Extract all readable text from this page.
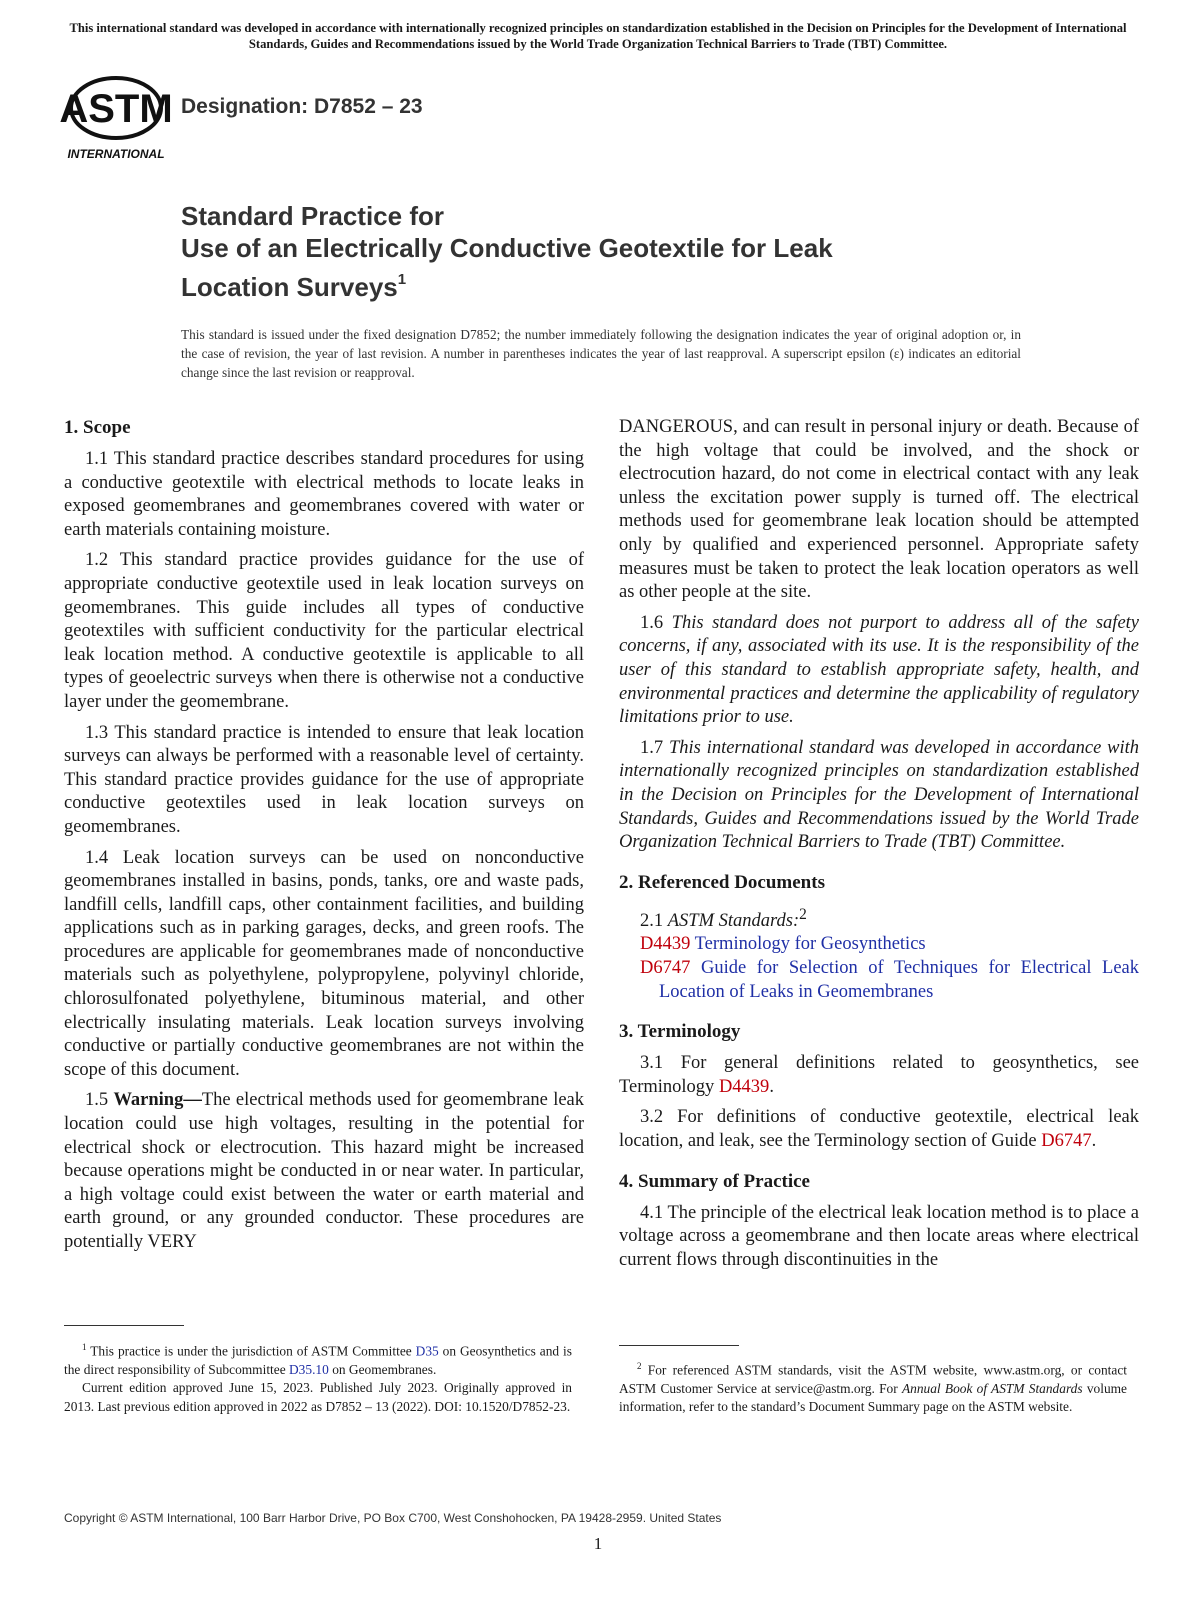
This international standard was developed in accordance with internationally recognized principles on standardization established in the Decision on Principles for the Development of International Standards, Guides and Recommendations issued by the World Trade Organization Technical Barriers to Trade (TBT) Committee.
ASTM
INTERNATIONAL
Designation: D7852 – 23
Standard Practice for
Use of an Electrically Conductive Geotextile for Leak
Location Surveys$^1$
This standard is issued under the fixed designation D7852; the number immediately following the designation indicates the year of original adoption or, in the case of revision, the year of last revision. A number in parentheses indicates the year of last reapproval. A superscript epsilon (ε) indicates an editorial change since the last revision or reapproval.
1. Scope

1.1 This standard practice describes standard procedures for using a conductive geotextile with electrical methods to locate leaks in exposed geomembranes and geomembranes covered with water or earth materials containing moisture.

1.2 This standard practice provides guidance for the use of appropriate conductive geotextile used in leak location surveys on geomembranes. This guide includes all types of conductive geotextiles with sufficient conductivity for the particular electrical leak location method. A conductive geotextile is applicable to all types of geoelectric surveys when there is otherwise not a conductive layer under the geomembrane.

1.3 This standard practice is intended to ensure that leak location surveys can always be performed with a reasonable level of certainty. This standard practice provides guidance for the use of appropriate conductive geotextiles used in leak location surveys on geomembranes.

1.4 Leak location surveys can be used on nonconductive geomembranes installed in basins, ponds, tanks, ore and waste pads, landfill cells, landfill caps, other containment facilities, and building applications such as in parking garages, decks, and green roofs. The procedures are applicable for geomembranes made of nonconductive materials such as polyethylene, polypropylene, polyvinyl chloride, chlorosulfonated polyethylene, bituminous material, and other electrically insulating materials. Leak location surveys involving conductive or partially conductive geomembranes are not within the scope of this document.

1.5 Warning—The electrical methods used for geomembrane leak location could use high voltages, resulting in the potential for electrical shock or electrocution. This hazard might be increased because operations might be conducted in or near water. In particular, a high voltage could exist between the water or earth material and earth ground, or any grounded conductor. These procedures are potentially VERY

DANGEROUS, and can result in personal injury or death. Because of the high voltage that could be involved, and the shock or electrocution hazard, do not come in electrical contact with any leak unless the excitation power supply is turned off. The electrical methods used for geomembrane leak location should be attempted only by qualified and experienced personnel. Appropriate safety measures must be taken to protect the leak location operators as well as other people at the site.

1.6 This standard does not purport to address all of the safety concerns, if any, associated with its use. It is the responsibility of the user of this standard to establish appropriate safety, health, and environmental practices and determine the applicability of regulatory limitations prior to use.

1.7 This international standard was developed in accordance with internationally recognized principles on standardization established in the Decision on Principles for the Development of International Standards, Guides and Recommendations issued by the World Trade Organization Technical Barriers to Trade (TBT) Committee.

2. Referenced Documents

2.1 ASTM Standards:$^2$

D4439 Terminology for Geosynthetics

D6747 Guide for Selection of Techniques for Electrical Leak Location of Leaks in Geomembranes

3. Terminology

3.1 For general definitions related to geosynthetics, see Terminology D4439.

3.2 For definitions of conductive geotextile, electrical leak location, and leak, see the Terminology section of Guide D6747.

4. Summary of Practice

4.1 The principle of the electrical leak location method is to place a voltage across a geomembrane and then locate areas where electrical current flows through discontinuities in the

$^1$ This practice is under the jurisdiction of ASTM Committee D35 on Geosynthetics and is the direct responsibility of Subcommittee D35.10 on Geomembranes.

Current edition approved June 15, 2023. Published July 2023. Originally approved in 2013. Last previous edition approved in 2022 as D7852 – 13 (2022). DOI: 10.1520/D7852-23.

$^2$ For referenced ASTM standards, visit the ASTM website, www.astm.org, or contact ASTM Customer Service at service@astm.org. For Annual Book of ASTM Standards volume information, refer to the standard’s Document Summary page on the ASTM website.

Copyright © ASTM International, 100 Barr Harbor Drive, PO Box C700, West Conshohocken, PA 19428-2959. United States
1
